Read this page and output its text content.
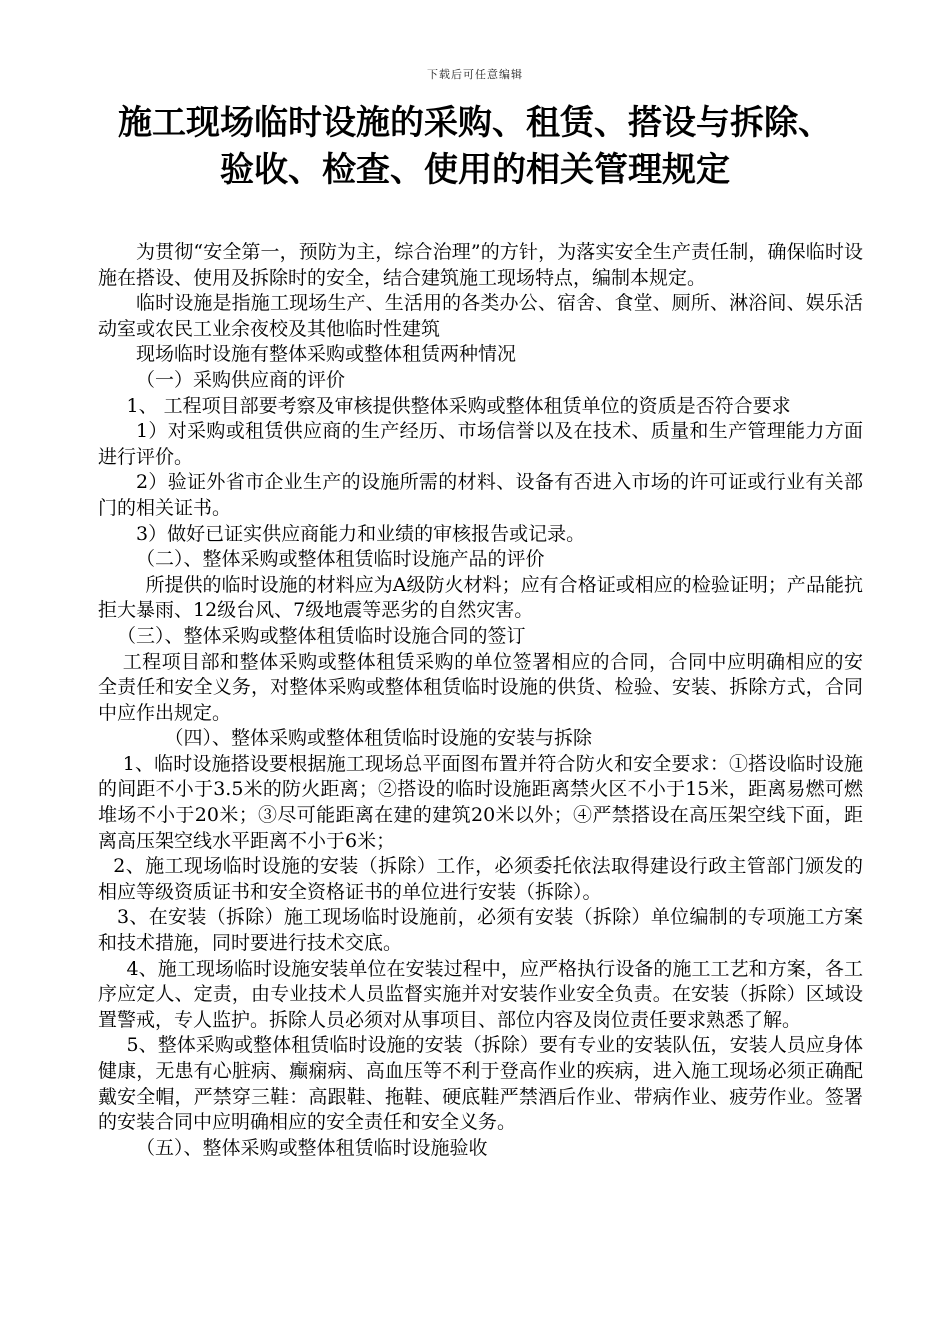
下载后可任意编辑
施工现场临时设施的采购、租赁、搭设与拆除、
验收、检查、使用的相关管理规定

为贯彻“安全第一，预防为主，综合治理”的方针，为落实安全生产责任制，确保临时设施在搭设、使用及拆除时的安全，结合建筑施工现场特点，编制本规定。

临时设施是指施工现场生产、生活用的各类办公、宿舍、食堂、厕所、淋浴间、娱乐活动室或农民工业余夜校及其他临时性建筑

现场临时设施有整体采购或整体租赁两种情况

（一）采购供应商的评价

1、 工程项目部要考察及审核提供整体采购或整体租赁单位的资质是否符合要求

1）对采购或租赁供应商的生产经历、市场信誉以及在技术、质量和生产管理能力方面进行评价。

2）验证外省市企业生产的设施所需的材料、设备有否进入市场的许可证或行业有关部门的相关证书。

3）做好已证实供应商能力和业绩的审核报告或记录。

（二）、整体采购或整体租赁临时设施产品的评价

所提供的临时设施的材料应为A级防火材料；应有合格证或相应的检验证明；产品能抗拒大暴雨、12级台风、7级地震等恶劣的自然灾害。

（三）、整体采购或整体租赁临时设施合同的签订

工程项目部和整体采购或整体租赁采购的单位签署相应的合同，合同中应明确相应的安全责任和安全义务，对整体采购或整体租赁临时设施的供货、检验、安装、拆除方式，合同中应作出规定。

（四）、整体采购或整体租赁临时设施的安装与拆除

1、临时设施搭设要根据施工现场总平面图布置并符合防火和安全要求：①搭设临时设施的间距不小于3.5米的防火距离；②搭设的临时设施距离禁火区不小于15米，距离易燃可燃堆场不小于20米；③尽可能距离在建的建筑20米以外；④严禁搭设在高压架空线下面，距离高压架空线水平距离不小于6米；

2、施工现场临时设施的安装（拆除）工作，必须委托依法取得建设行政主管部门颁发的相应等级资质证书和安全资格证书的单位进行安装（拆除）。

3、在安装（拆除）施工现场临时设施前，必须有安装（拆除）单位编制的专项施工方案和技术措施，同时要进行技术交底。

4、施工现场临时设施安装单位在安装过程中，应严格执行设备的施工工艺和方案，各工序应定人、定责，由专业技术人员监督实施并对安装作业安全负责。在安装（拆除）区域设置警戒，专人监护。拆除人员必须对从事项目、部位内容及岗位责任要求熟悉了解。

5、整体采购或整体租赁临时设施的安装（拆除）要有专业的安装队伍，安装人员应身体健康，无患有心脏病、癫痫病、高血压等不利于登高作业的疾病，进入施工现场必须正确配戴安全帽，严禁穿三鞋：高跟鞋、拖鞋、硬底鞋严禁酒后作业、带病作业、疲劳作业。签署的安装合同中应明确相应的安全责任和安全义务。

（五）、整体采购或整体租赁临时设施验收
